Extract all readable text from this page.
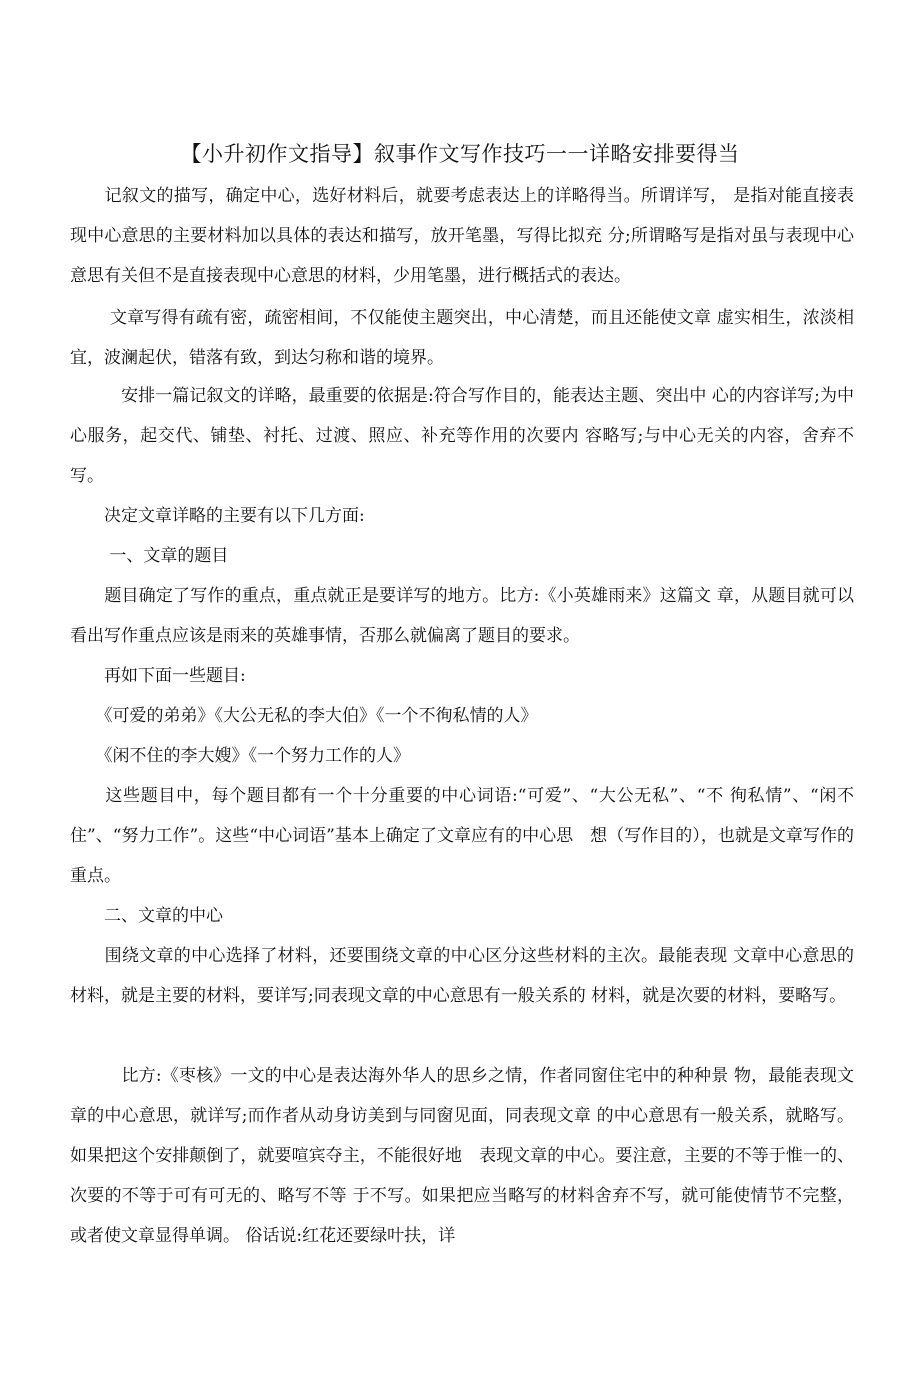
【小升初作文指导】叙事作文写作技巧一一详略安排要得当
　　记叙文的描写，确定中心，选好材料后，就要考虑表达上的详略得当。所谓详写， 是指对能直接表现中心意思的主要材料加以具体的表达和描写，放开笔墨，写得比拟充 分;所谓略写是指对虽与表现中心意思有关但不是直接表现中心意思的材料，少用笔墨，进行概括式的表达。
　　 文章写得有疏有密，疏密相间，不仅能使主题突出，中心清楚，而且还能使文章 虚实相生，浓淡相宜，波澜起伏，错落有致，到达匀称和谐的境界。
　　　安排一篇记叙文的详略，最重要的依据是:符合写作目的，能表达主题、突出中 心的内容详写;为中心服务，起交代、铺垫、衬托、过渡、照应、补充等作用的次要内 容略写;与中心无关的内容，舍弃不写。
　　决定文章详略的主要有以下几方面:
　　 一、文章的题目
　　题目确定了写作的重点，重点就正是要详写的地方。比方:《小英雄雨来》这篇文 章，从题目就可以看出写作重点应该是雨来的英雄事情，否那么就偏离了题目的要求。
　　再如下面一些题目:
　　《可爱的弟弟》《大公无私的李大伯》《一个不徇私情的人》
　　《闲不住的李大嫂》《一个努力工作的人》
　　这些题目中，每个题目都有一个十分重要的中心词语:“可爱”、“大公无私”、“不 徇私情”、“闲不住”、“努力工作”。这些“中心词语”基本上确定了文章应有的中心思　想（写作目的），也就是文章写作的重点。
　　二、文章的中心
　　围绕文章的中心选择了材料，还要围绕文章的中心区分这些材料的主次。最能表现 文章中心意思的材料，就是主要的材料，要详写;同表现文章的中心意思有一般关系的 材料，就是次要的材料，要略写。
　　　比方:《枣核》一文的中心是表达海外华人的思乡之情，作者同窗住宅中的种种景 物，最能表现文章的中心意思，就详写;而作者从动身访美到与同窗见面，同表现文章 的中心意思有一般关系，就略写。如果把这个安排颠倒了，就要喧宾夺主，不能很好地　表现文章的中心。要注意，主要的不等于惟一的、次要的不等于可有可无的、略写不等 于不写。如果把应当略写的材料舍弃不写，就可能使情节不完整，或者使文章显得单调。 俗话说:红花还要绿叶扶，详
